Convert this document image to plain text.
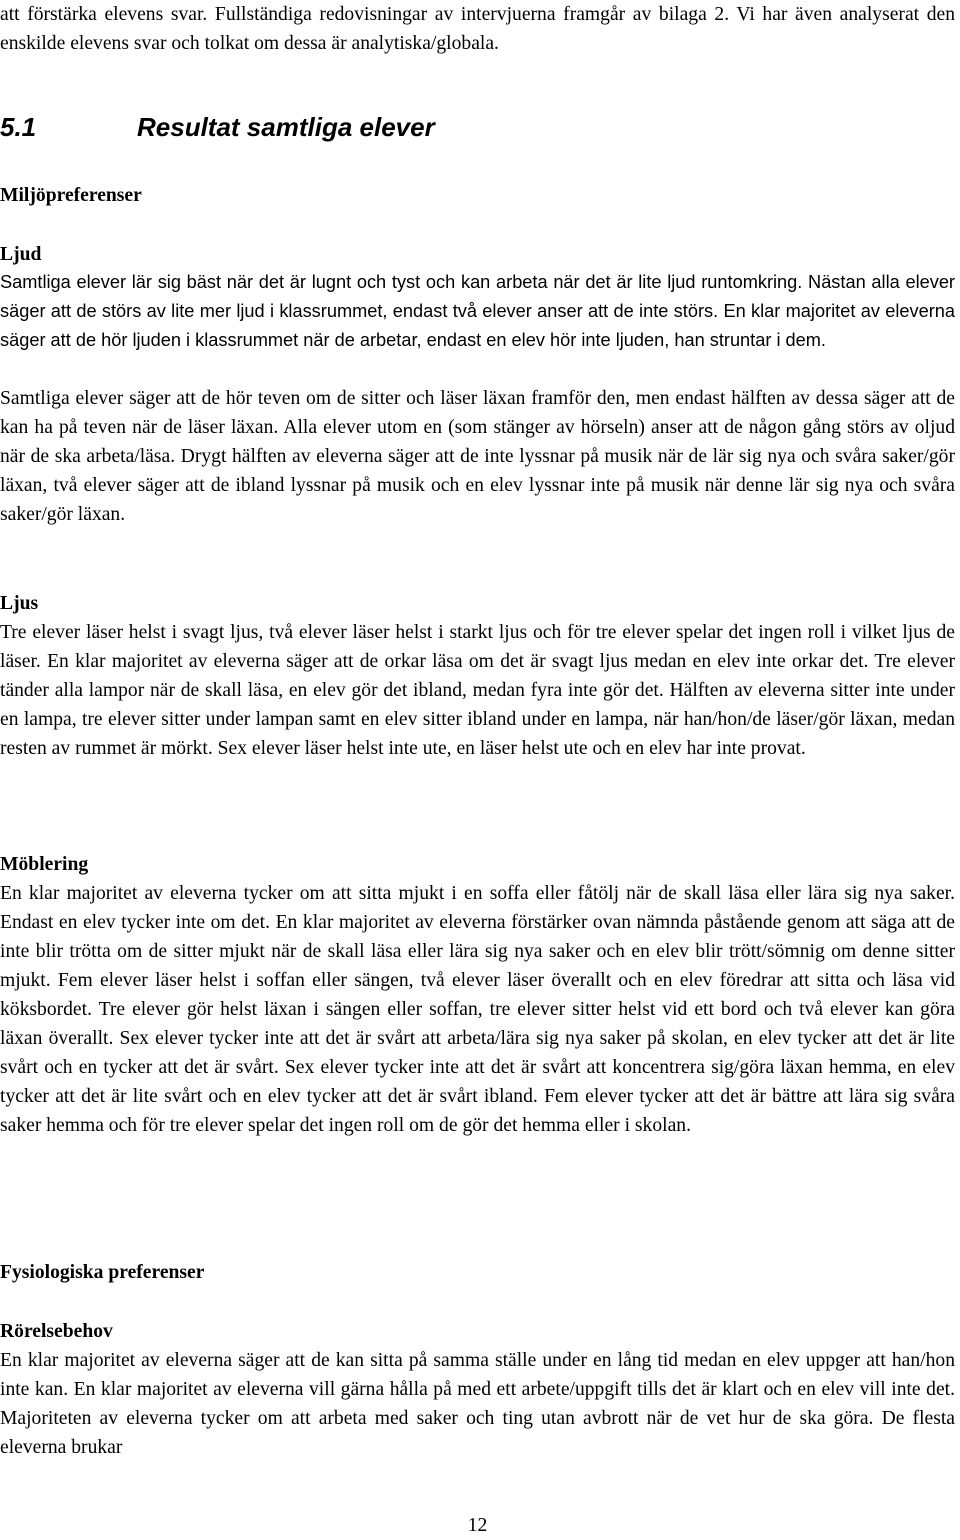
att förstärka elevens svar. Fullständiga redovisningar av intervjuerna framgår av bilaga 2. Vi har även analyserat den enskilde elevens svar och tolkat om dessa är analytiska/globala.

5.1	Resultat samtliga elever
Miljöpreferenser
Ljud

Samtliga elever lär sig bäst när det är lugnt och tyst och kan arbeta när det är lite ljud runtomkring. Nästan alla elever säger att de störs av lite mer ljud i klassrummet, endast två elever anser att de inte störs. En klar majoritet av eleverna säger att de hör ljuden i klassrummet när de arbetar, endast en elev hör inte ljuden, han struntar i dem.

Samtliga elever säger att de hör teven om de sitter och läser läxan framför den, men endast hälften av dessa säger att de kan ha på teven när de läser läxan. Alla elever utom en (som stänger av hörseln) anser att de någon gång störs av oljud när de ska arbeta/läsa. Drygt hälften av eleverna säger att de inte lyssnar på musik när de lär sig nya och svåra saker/gör läxan, två elever säger att de ibland lyssnar på musik och en elev lyssnar inte på musik när denne lär sig nya och svåra saker/gör läxan.

Ljus

Tre elever läser helst i svagt ljus, två elever läser helst i starkt ljus och för tre elever spelar det ingen roll i vilket ljus de läser. En klar majoritet av eleverna säger att de orkar läsa om det är svagt ljus medan en elev inte orkar det. Tre elever tänder alla lampor när de skall läsa, en elev gör det ibland, medan fyra inte gör det. Hälften av eleverna sitter inte under en lampa, tre elever sitter under lampan samt en elev sitter ibland under en lampa, när han/hon/de läser/gör läxan, medan resten av rummet är mörkt. Sex elever läser helst inte ute, en läser helst ute och en elev har inte provat.

Möblering

En klar majoritet av eleverna tycker om att sitta mjukt i en soffa eller fåtölj när de skall läsa eller lära sig nya saker. Endast en elev tycker inte om det. En klar majoritet av eleverna förstärker ovan nämnda påstående genom att säga att de inte blir trötta om de sitter mjukt när de skall läsa eller lära sig nya saker och en elev blir trött/sömnig om denne sitter mjukt. Fem elever läser helst i soffan eller sängen, två elever läser överallt och en elev föredrar att sitta och läsa vid köksbordet. Tre elever gör helst läxan i sängen eller soffan, tre elever sitter helst vid ett bord och två elever kan göra läxan överallt. Sex elever tycker inte att det är svårt att arbeta/lära sig nya saker på skolan, en elev tycker att det är lite svårt och en tycker att det är svårt. Sex elever tycker inte att det är svårt att koncentrera sig/göra läxan hemma, en elev tycker att det är lite svårt och en elev tycker att det är svårt ibland. Fem elever tycker att det är bättre att lära sig svåra saker hemma och för tre elever spelar det ingen roll om de gör det hemma eller i skolan.

Fysiologiska preferenser
Rörelsebehov

En klar majoritet av eleverna säger att de kan sitta på samma ställe under en lång tid medan en elev uppger att han/hon inte kan. En klar majoritet av eleverna vill gärna hålla på med ett arbete/uppgift tills det är klart och en elev vill inte det. Majoriteten av eleverna tycker om att arbeta med saker och ting utan avbrott när de vet hur de ska göra. De flesta eleverna brukar

12
